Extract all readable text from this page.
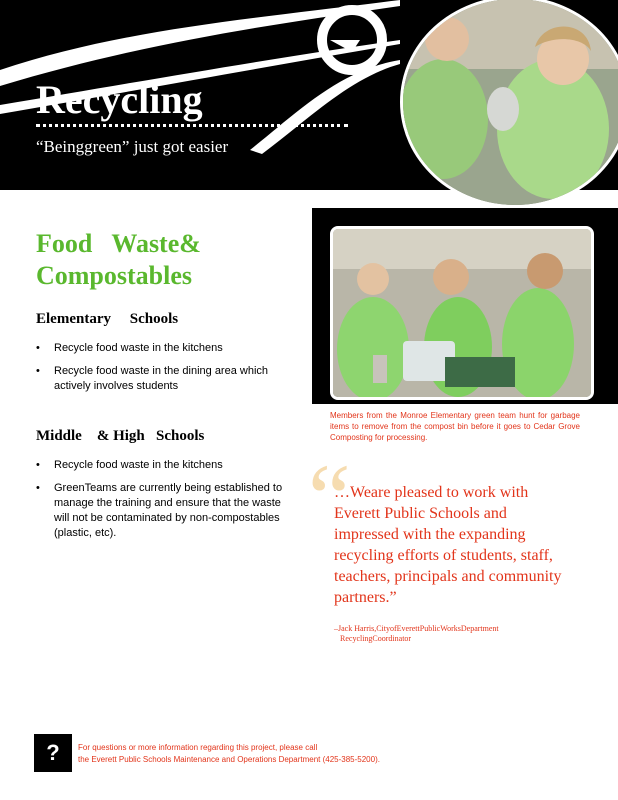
Recycling
“Beinggreen” just got easier
Members from the Monroe Elementary green team hunt for garbage items to remove from the compost bin before it goes to Cedar Grove Composting for processing.
Food   Waste&
Compostables
Elementary     Schools
• Recycle food waste in the kitchens
• Recycle food waste in the dining area which actively involves students
Middle    & High   Schools
• Recycle food waste in the kitchens
• GreenTeams are currently being established to manage the training and ensure that the waste will not be contaminated by non-compostables (plastic, etc).	“
…Weare pleased to work with Everett Public Schools and impressed with the expanding recycling efforts of students, staff, teachers, principals and community partners.”
–Jack Harris,CityofEverettPublicWorksDepartment
RecyclingCoordinator
?	For questions or more information regarding this project, please call
the Everett Public Schools Maintenance and Operations Department (425-385-5200).
